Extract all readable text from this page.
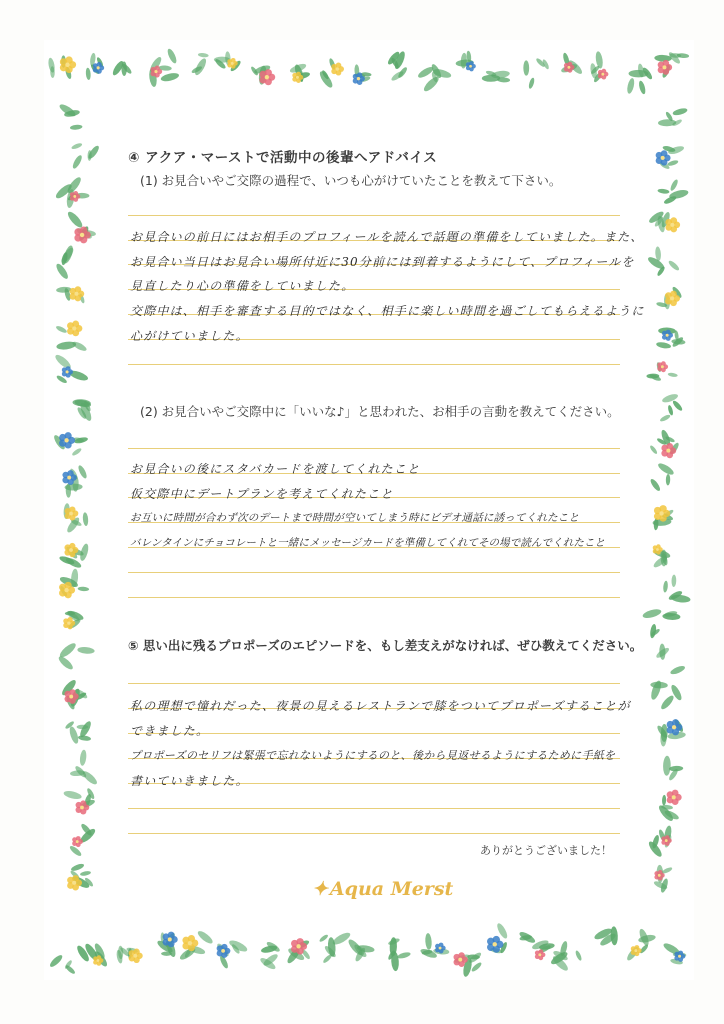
④ アクア・マーストで活動中の後輩へアドバイス
(1) お見合いやご交際の過程で、いつも心がけていたことを教えて下さい。
お見合いの前日にはお相手のプロフィールを読んで話題の準備をしていました。また、
お見合い当日はお見合い場所付近に30分前には到着するようにして、プロフィールを
見直したり心の準備をしていました。
交際中は、相手を審査する目的ではなく、相手に楽しい時間を過ごしてもらえるように
心がけていました。
(2) お見合いやご交際中に「いいな♪」と思われた、お相手の言動を教えてください。
お見合いの後にスタバカードを渡してくれたこと
仮交際中にデートプランを考えてくれたこと
お互いに時間が合わず次のデートまで時間が空いてしまう時にビデオ通話に誘ってくれたこと
バレンタインにチョコレートと一緒にメッセージカードを準備してくれてその場で読んでくれたこと
⑤ 思い出に残るプロポーズのエピソードを、もし差支えがなければ、ぜひ教えてください。
私の理想で憧れだった、夜景の見えるレストランで膝をついてプロポーズすることが
できました。
プロポーズのセリフは緊張で忘れないようにするのと、後から見返せるようにするために手紙を
書いていきました。
ありがとうございました！
✦ Aqua Merst
